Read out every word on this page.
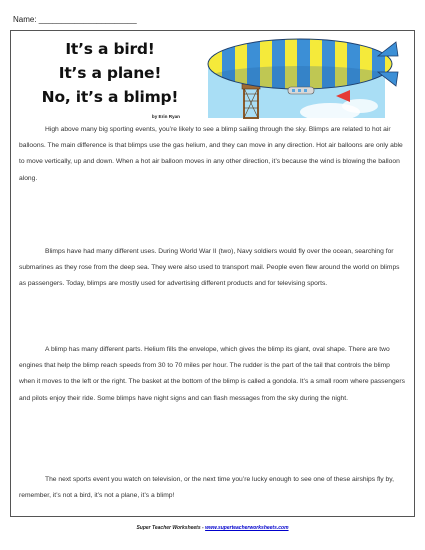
Name: ______________________
It’s a bird!
It’s a plane!
No, it’s a blimp!
by Erin Ryan

High above many big sporting events, you’re likely to see a blimp sailing through the sky. Blimps are related to hot air balloons. The main difference is that blimps use the gas helium, and they can move in any direction. Hot air balloons are only able to move vertically, up and down. When a hot air balloon moves in any other direction, it’s because the wind is blowing the balloon along.

Blimps have had many different uses. During World War II (two), Navy soldiers would fly over the ocean, searching for submarines as they rose from the deep sea. They were also used to transport mail. People even flew around the world on blimps as passengers. Today, blimps are mostly used for advertising different products and for televising sports.

A blimp has many different parts. Helium fills the envelope, which gives the blimp its giant, oval shape. There are two engines that help the blimp reach speeds from 30 to 70 miles per hour. The rudder is the part of the tail that controls the blimp when it moves to the left or the right. The basket at the bottom of the blimp is called a gondola. It’s a small room where passengers and pilots enjoy their ride. Some blimps have night signs and can flash messages from the sky during the night.

The next sports event you watch on television, or the next time you’re lucky enough to see one of these airships fly by, remember, it’s not a bird, it’s not a plane, it’s a blimp!

Super Teacher Worksheets - www.superteacherworksheets.com
